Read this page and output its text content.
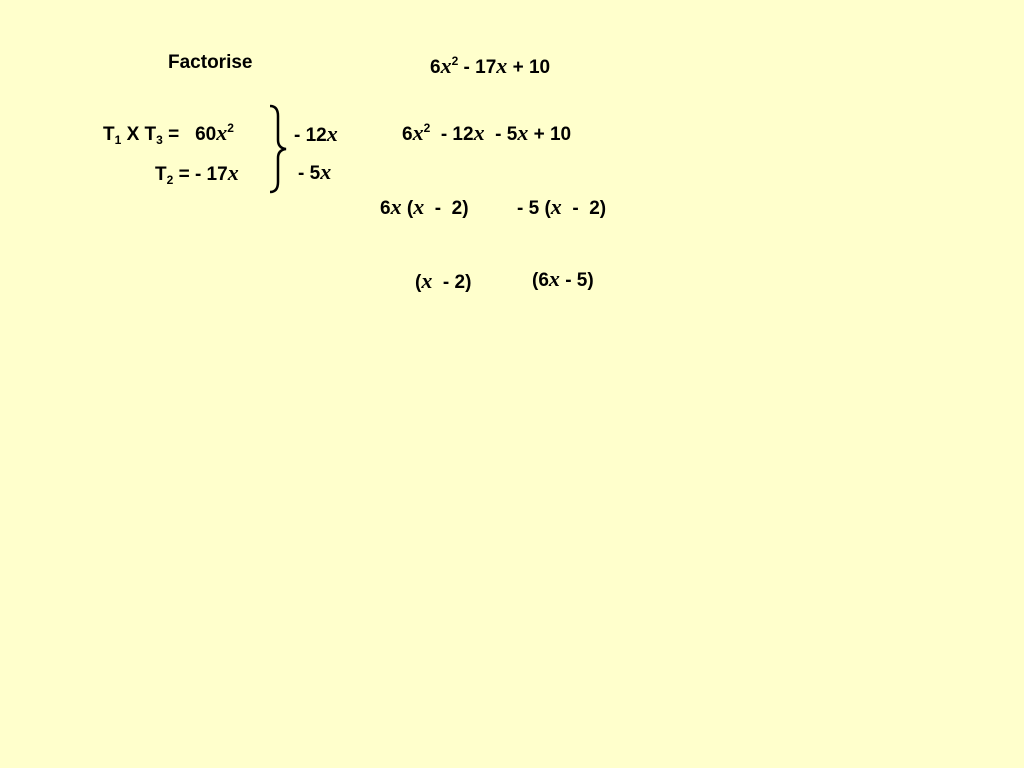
Factorise	$6x^2 - 17x + 10$
$T_1$ X $T_3 = 60x^2$
$T_2$ = - 17x
- 12x
- 5x
$6x^2 - 12x - 5x + 10$
6x (x - 2)	- 5 (x - 2)
(x - 2)	(6x - 5)
